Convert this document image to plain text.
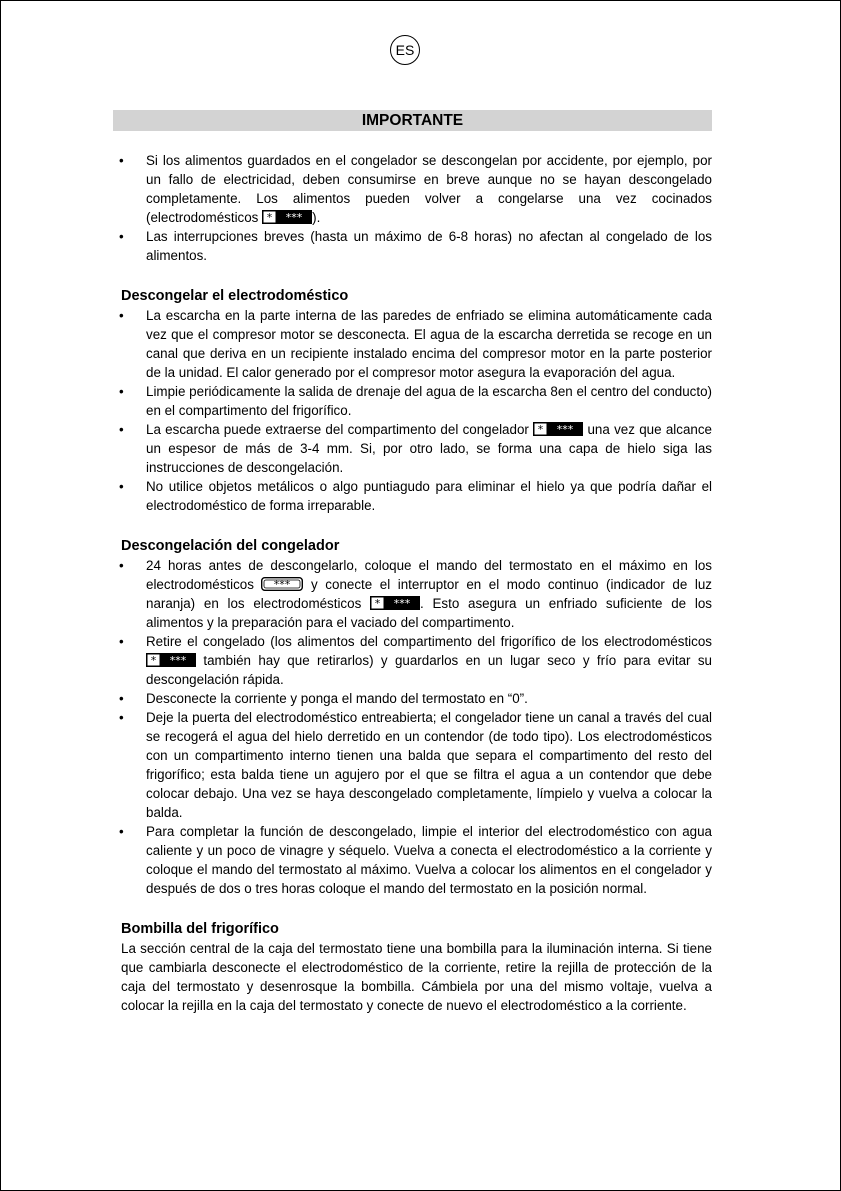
ES
IMPORTANTE
• Si los alimentos guardados en el congelador se descongelan por accidente, por ejemplo, por un fallo de electricidad, deben consumirse en breve aunque no se hayan descongelado completamente. Los alimentos pueden volver a congelarse una vez cocinados (electrodomésticos * *** ).
• Las interrupciones breves (hasta un máximo de 6-8 horas) no afectan al congelado de los alimentos.
Descongelar el electrodoméstico
• La escarcha en la parte interna de las paredes de enfriado se elimina automáticamente cada vez que el compresor motor se desconecta. El agua de la escarcha derretida se recoge en un canal que deriva en un recipiente instalado encima del compresor motor en la parte posterior de la unidad. El calor generado por el compresor motor asegura la evaporación del agua.
• Limpie periódicamente la salida de drenaje del agua de la escarcha 8en el centro del conducto) en el compartimento del frigorífico.
• La escarcha puede extraerse del compartimento del congelador * *** una vez que alcance un espesor de más de 3-4 mm. Si, por otro lado, se forma una capa de hielo siga las instrucciones de descongelación.
• No utilice objetos metálicos o algo puntiagudo para eliminar el hielo ya que podría dañar el electrodoméstico de forma irreparable.
Descongelación del congelador
• 24 horas antes de descongelarlo, coloque el mando del termostato en el máximo en los electrodomésticos *** y conecte el interruptor en el modo continuo (indicador de luz naranja) en los electrodomésticos * *** . Esto asegura un enfriado suficiente de los alimentos y la preparación para el vaciado del compartimento.
• Retire el congelado (los alimentos del compartimento del frigorífico de los electrodomésticos
* *** también hay que retirarlos) y guardarlos en un lugar seco y frío para evitar su descongelación rápida.
• Desconecte la corriente y ponga el mando del termostato en “0”.
• Deje la puerta del electrodoméstico entreabierta; el congelador tiene un canal a través del cual se recogerá el agua del hielo derretido en un contendor (de todo tipo). Los electrodomésticos con un compartimento interno tienen una balda que separa el compartimento del resto del frigorífico; esta balda tiene un agujero por el que se filtra el agua a un contendor que debe colocar debajo. Una vez se haya descongelado completamente, límpielo y vuelva a colocar la balda.
• Para completar la función de descongelado, limpie el interior del electrodoméstico con agua caliente y un poco de vinagre y séquelo. Vuelva a conecta el electrodoméstico a la corriente y coloque el mando del termostato al máximo. Vuelva a colocar los alimentos en el congelador y después de dos o tres horas coloque el mando del termostato en la posición normal.
Bombilla del frigorífico
La sección central de la caja del termostato tiene una bombilla para la iluminación interna. Si tiene que cambiarla desconecte el electrodoméstico de la corriente, retire la rejilla de protección de la caja del termostato y desenrosque la bombilla. Cámbiela por una del mismo voltaje, vuelva a colocar la rejilla en la caja del termostato y conecte de nuevo el electrodoméstico a la corriente.
